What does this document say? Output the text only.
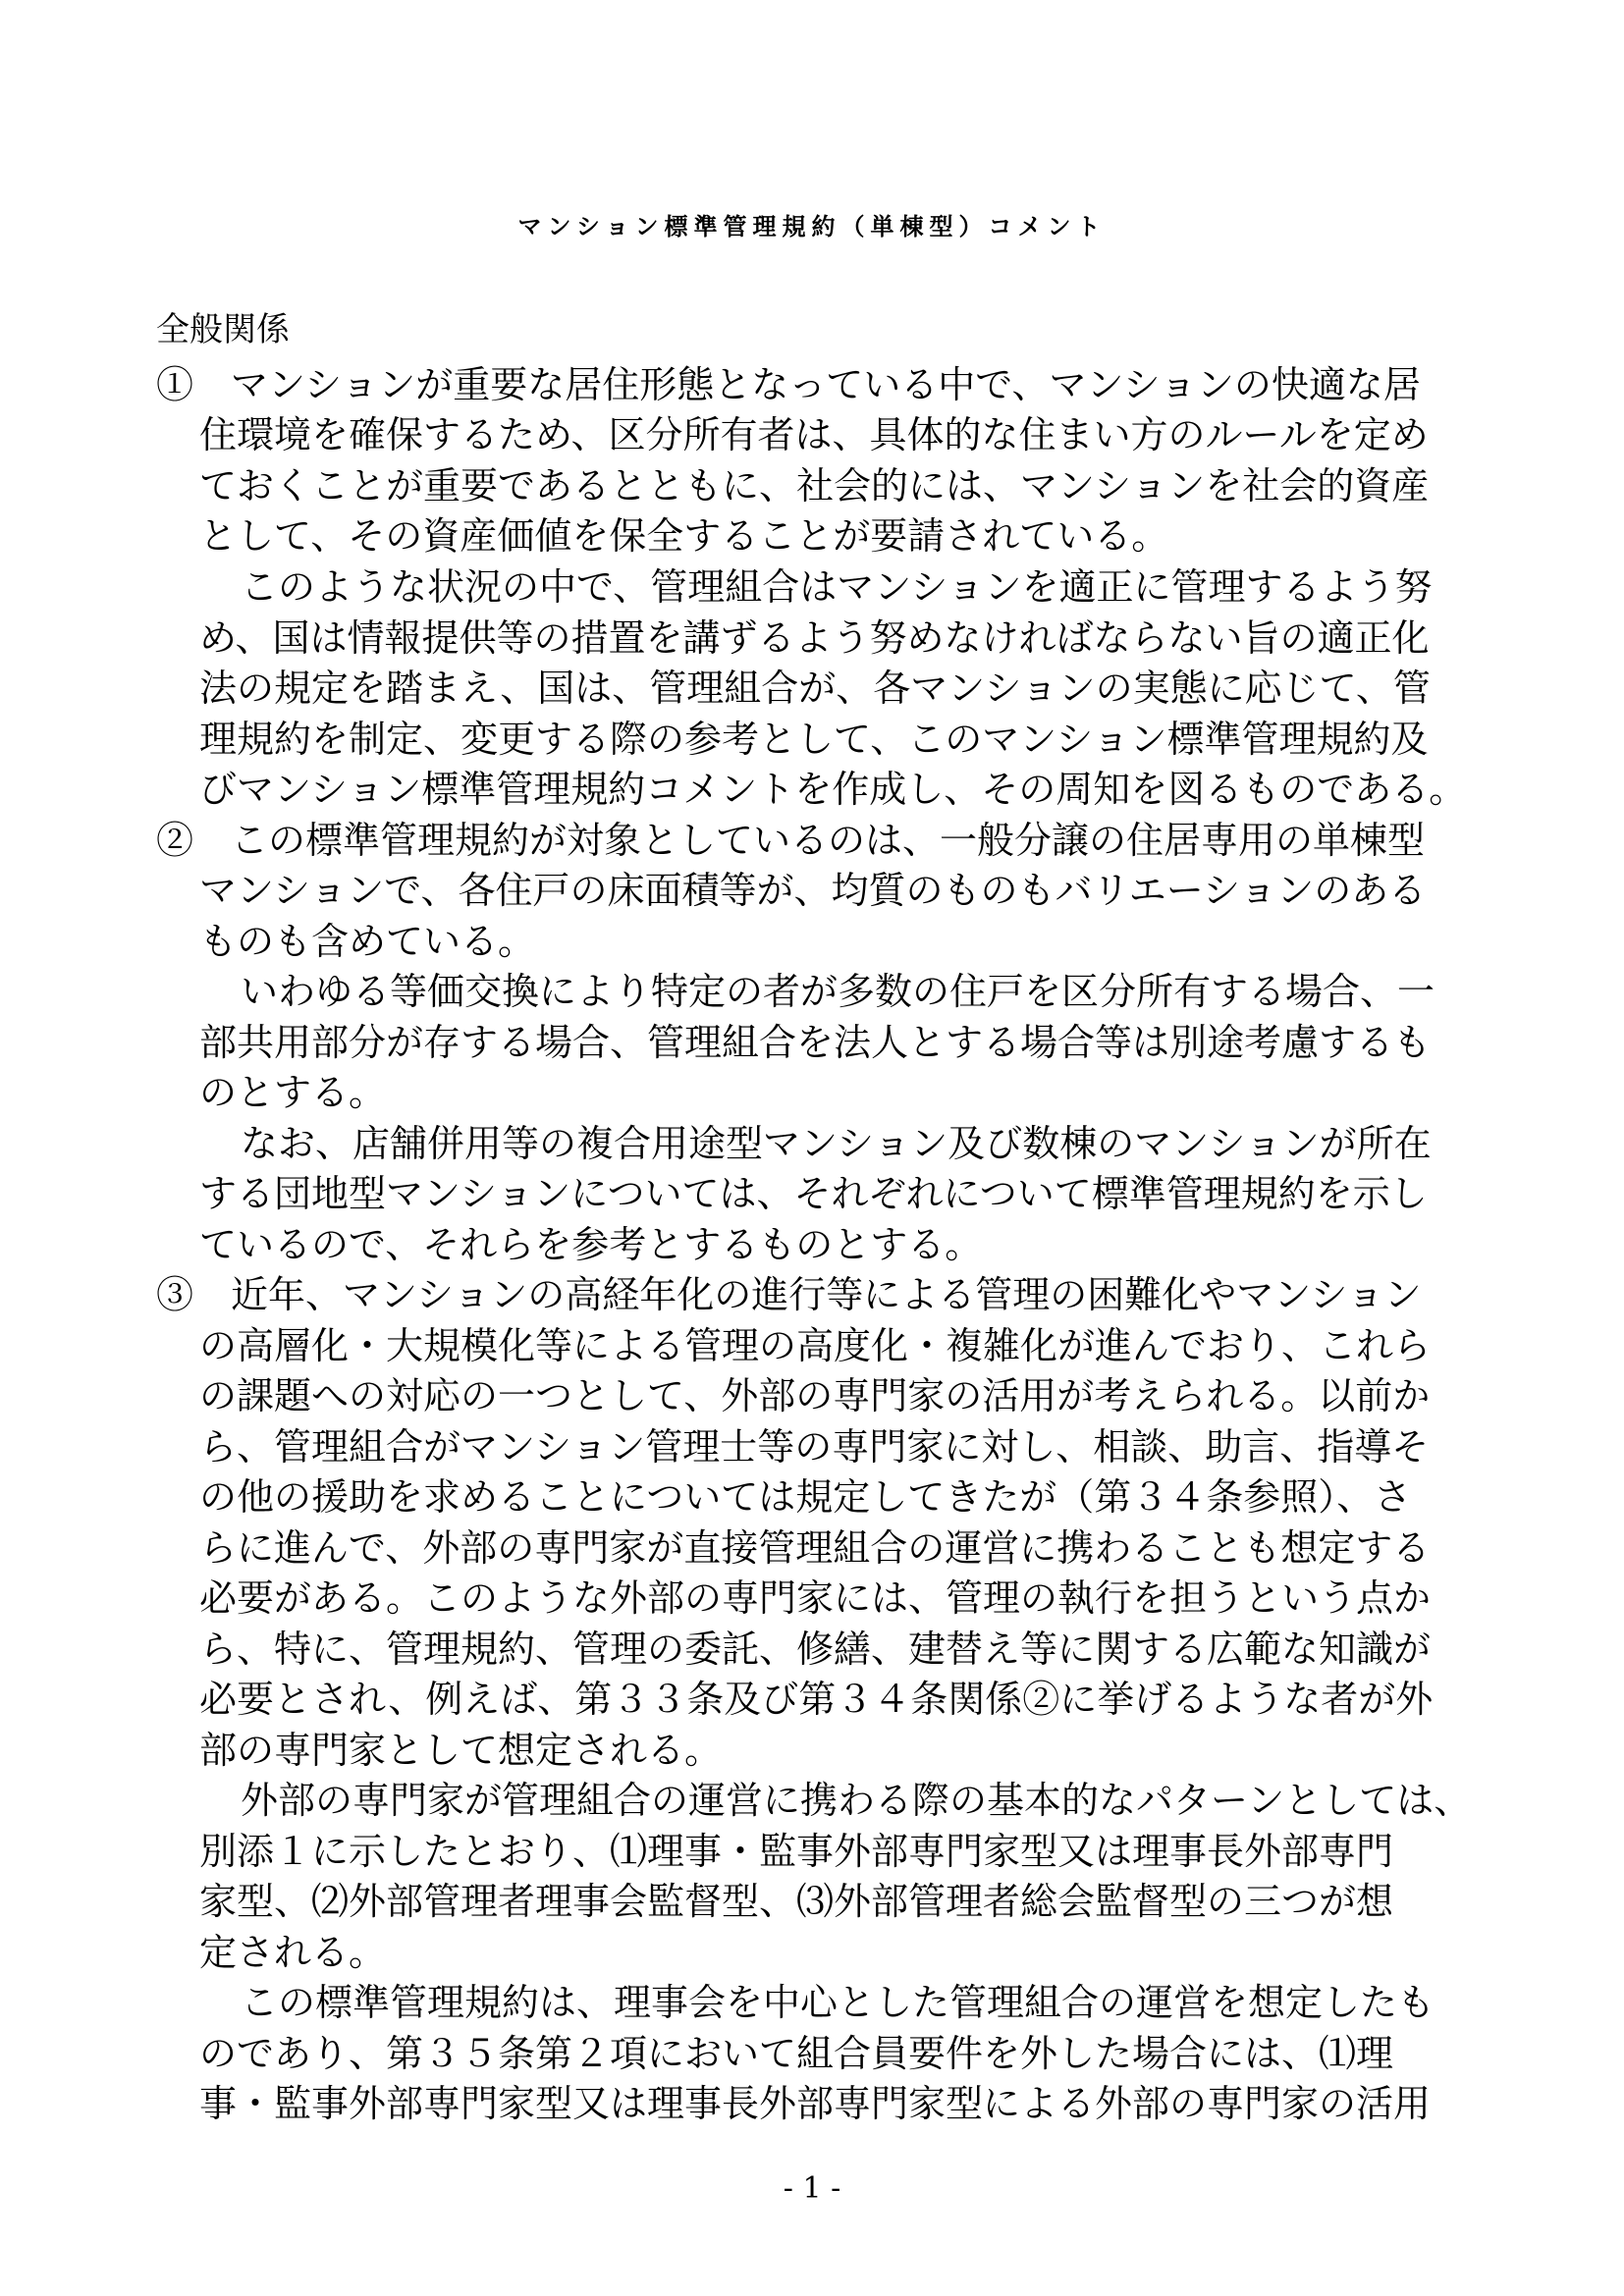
マンション標準管理規約（単棟型）コメント
全般関係
①　マンションが重要な居住形態となっている中で、マンションの快適な居
住環境を確保するため、区分所有者は、具体的な住まい方のルールを定め
ておくことが重要であるとともに、社会的には、マンションを社会的資産
として、その資産価値を保全することが要請されている。
このような状況の中で、管理組合はマンションを適正に管理するよう努
め、国は情報提供等の措置を講ずるよう努めなければならない旨の適正化
法の規定を踏まえ、国は、管理組合が、各マンションの実態に応じて、管
理規約を制定、変更する際の参考として、このマンション標準管理規約及
びマンション標準管理規約コメントを作成し、その周知を図るものである。
②　この標準管理規約が対象としているのは、一般分譲の住居専用の単棟型
マンションで、各住戸の床面積等が、均質のものもバリエーションのある
ものも含めている。
いわゆる等価交換により特定の者が多数の住戸を区分所有する場合、一
部共用部分が存する場合、管理組合を法人とする場合等は別途考慮するも
のとする。
なお、店舗併用等の複合用途型マンション及び数棟のマンションが所在
する団地型マンションについては、それぞれについて標準管理規約を示し
ているので、それらを参考とするものとする。
③　近年、マンションの高経年化の進行等による管理の困難化やマンション
の高層化・大規模化等による管理の高度化・複雑化が進んでおり、これら
の課題への対応の一つとして、外部の専門家の活用が考えられる。以前か
ら、管理組合がマンション管理士等の専門家に対し、相談、助言、指導そ
の他の援助を求めることについては規定してきたが（第３４条参照）、さ
らに進んで、外部の専門家が直接管理組合の運営に携わることも想定する
必要がある。このような外部の専門家には、管理の執行を担うという点か
ら、特に、管理規約、管理の委託、修繕、建替え等に関する広範な知識が
必要とされ、例えば、第３３条及び第３４条関係②に挙げるような者が外
部の専門家として想定される。
外部の専門家が管理組合の運営に携わる際の基本的なパターンとしては、
別添１に示したとおり、⑴理事・監事外部専門家型又は理事長外部専門
家型、⑵外部管理者理事会監督型、⑶外部管理者総会監督型の三つが想
定される。
この標準管理規約は、理事会を中心とした管理組合の運営を想定したも
のであり、第３５条第２項において組合員要件を外した場合には、⑴理
事・監事外部専門家型又は理事長外部専門家型による外部の専門家の活用
- 1 -
